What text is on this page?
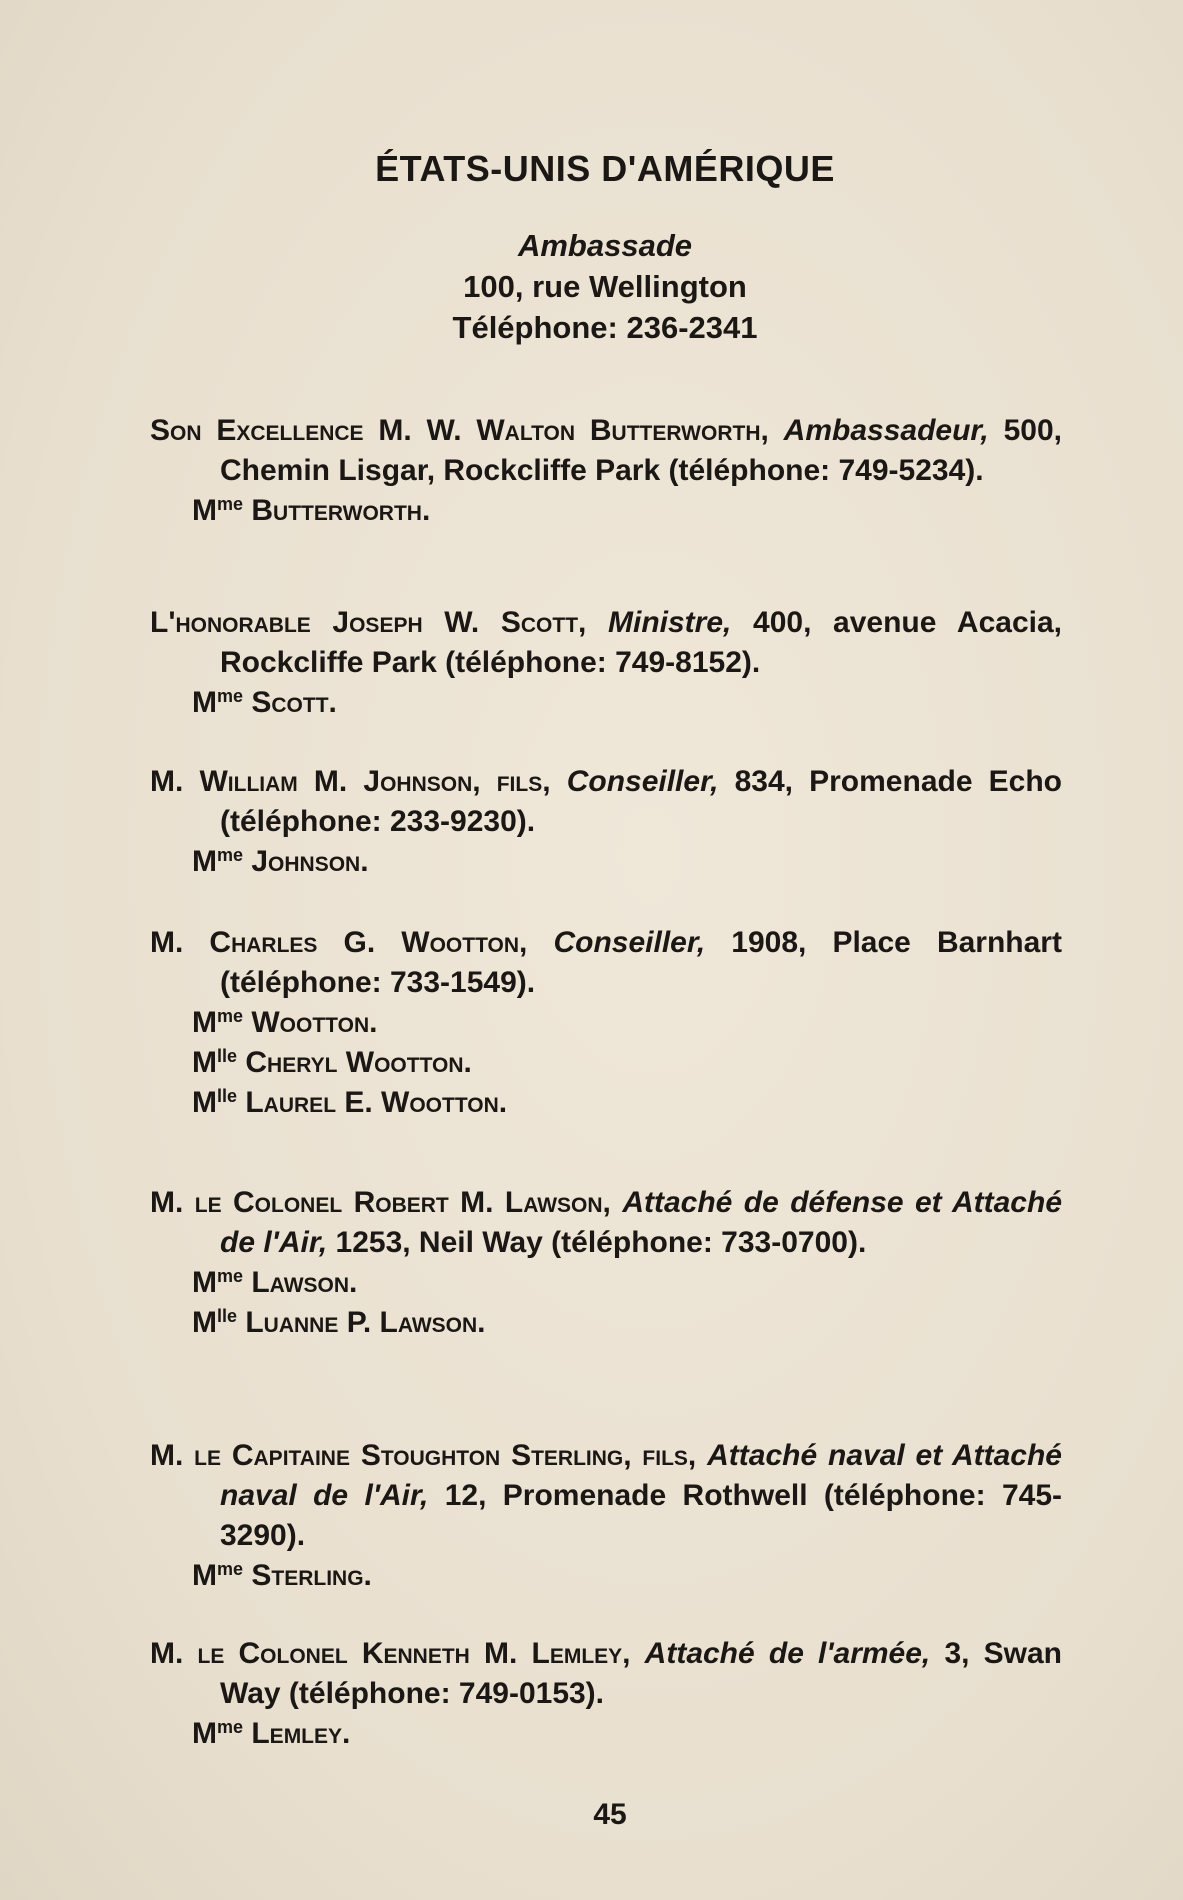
ÉTATS-UNIS D'AMÉRIQUE
Ambassade
100, rue Wellington
Téléphone: 236-2341

Son Excellence M. W. Walton Butterworth, Ambassadeur, 500, Chemin Lisgar, Rockcliffe Park (téléphone: 749-5234).

$M^{me}$ Butterworth.

L'honorable Joseph W. Scott, Ministre, 400, avenue Acacia, Rockcliffe Park (téléphone: 749-8152).

$M^{me}$ Scott.

M. William M. Johnson, fils, Conseiller, 834, Promenade Echo (téléphone: 233-9230).

$M^{me}$ Johnson.

M. Charles G. Wootton, Conseiller, 1908, Place Barnhart (téléphone: 733-1549).

$M^{me}$ Wootton.

$M^{lle}$ Cheryl Wootton.

$M^{lle}$ Laurel E. Wootton.

M. le Colonel Robert M. Lawson, Attaché de défense et Attaché de l'Air, 1253, Neil Way (téléphone: 733-0700).

$M^{me}$ Lawson.

$M^{lle}$ Luanne P. Lawson.

M. le Capitaine Stoughton Sterling, fils, Attaché naval et Attaché naval de l'Air, 12, Promenade Rothwell (téléphone: 745-3290).

$M^{me}$ Sterling.

M. le Colonel Kenneth M. Lemley, Attaché de l'armée, 3, Swan Way (téléphone: 749-0153).

$M^{me}$ Lemley.

45
